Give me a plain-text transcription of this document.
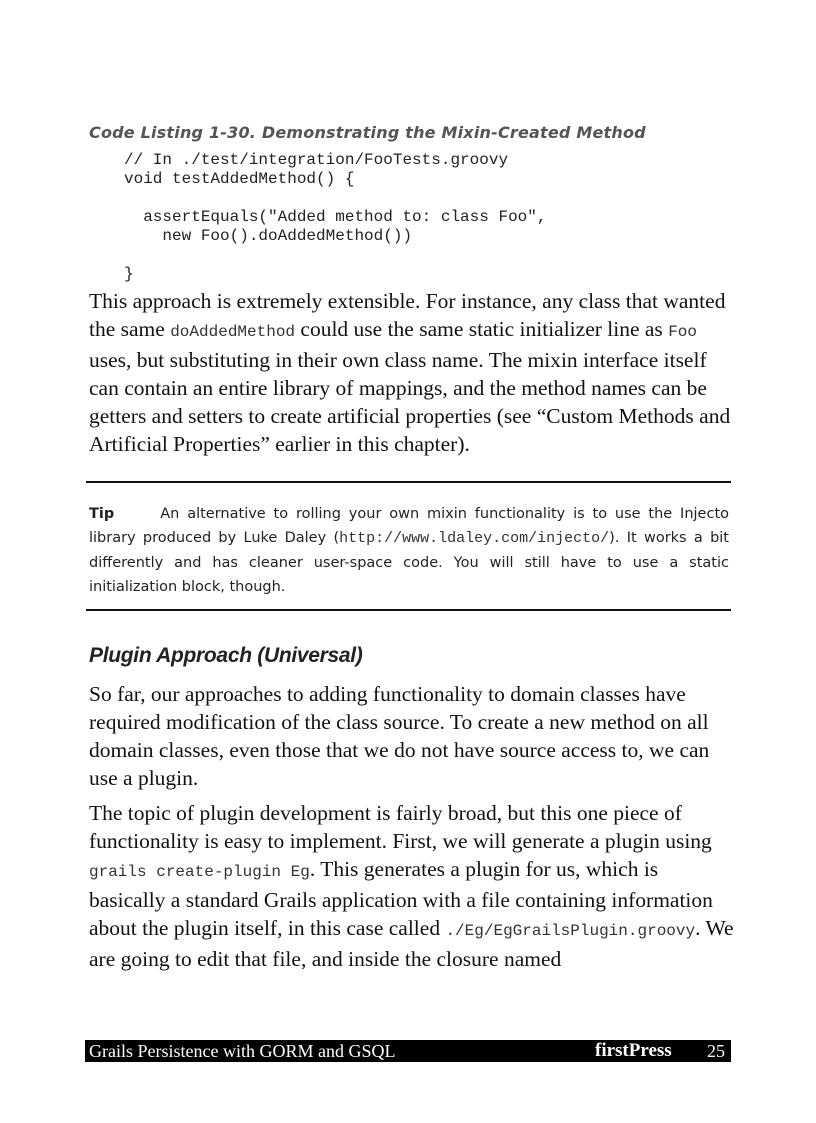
Code Listing 1-30. Demonstrating the Mixin-Created Method
// In ./test/integration/FooTests.groovy
void testAddedMethod() {

assertEquals("Added method to: class Foo",
new Foo().doAddedMethod())

}

This approach is extremely extensible. For instance, any class that wanted the same doAddedMethod could use the same static initializer line as Foo uses, but substituting in their own class name. The mixin interface itself can contain an entire library of mappings, and the method names can be getters and setters to create artificial properties (see “Custom Methods and Artificial Properties” earlier in this chapter).

Tip	An alternative to rolling your own mixin functionality is to use the Injecto library produced by Luke Daley (http://www.ldaley.com/injecto/). It works a bit differently and has cleaner user-space code. You will still have to use a static initialization block, though.

Plugin Approach (Universal)

So far, our approaches to adding functionality to domain classes have required modification of the class source. To create a new method on all domain classes, even those that we do not have source access to, we can use a plugin.

The topic of plugin development is fairly broad, but this one piece of functionality is easy to implement. First, we will generate a plugin using grails create-plugin Eg. This generates a plugin for us, which is basically a standard Grails application with a file containing information about the plugin itself, in this case called ./Eg/EgGrailsPlugin.groovy. We are going to edit that file, and inside the closure named

Grails Persistence with GORM and GSQL	firstPress 25
